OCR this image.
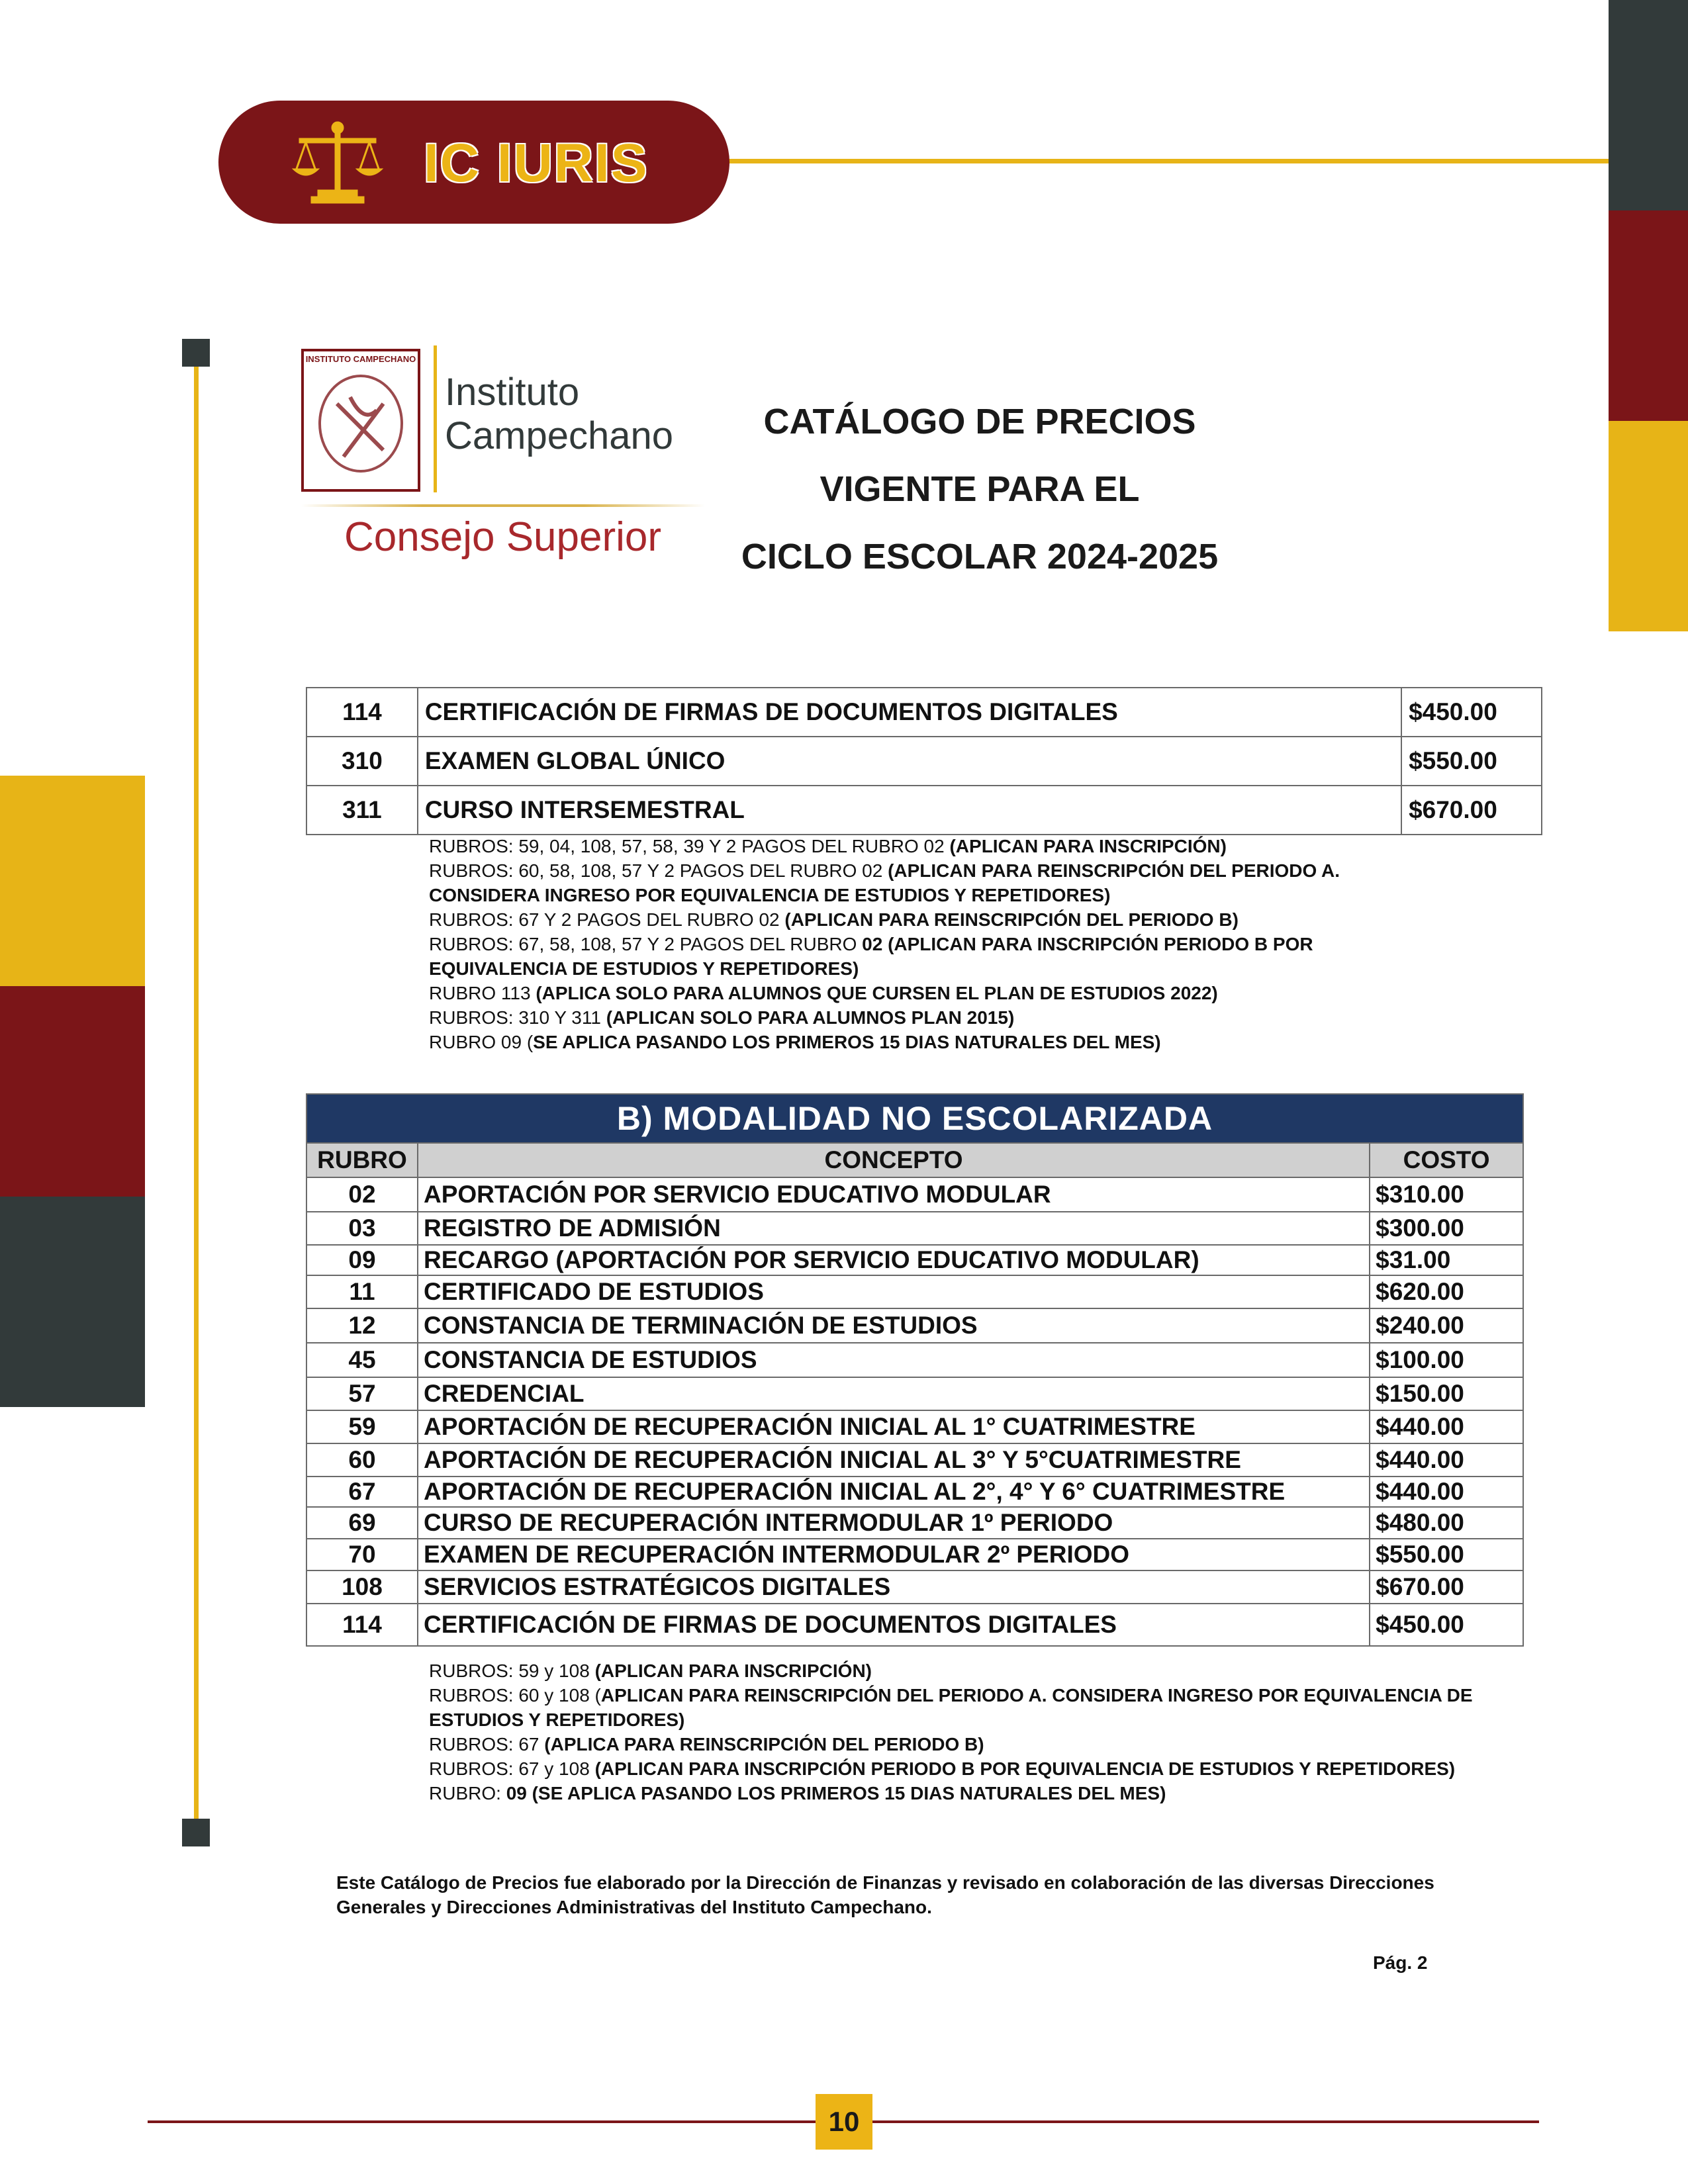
IC IURIS
INSTITUTO CAMPECHANO
Instituto
Campechano
Consejo Superior
CATÁLOGO DE PRECIOS
VIGENTE PARA EL
CICLO ESCOLAR 2024-2025
114	CERTIFICACIÓN DE FIRMAS DE DOCUMENTOS DIGITALES	$450.00
310	EXAMEN GLOBAL ÚNICO	$550.00
311	CURSO INTERSEMESTRAL	$670.00
RUBROS: 59, 04, 108, 57, 58, 39 Y 2 PAGOS DEL RUBRO 02 (APLICAN PARA INSCRIPCIÓN)
RUBROS: 60, 58, 108, 57 Y 2 PAGOS DEL RUBRO 02 (APLICAN PARA REINSCRIPCIÓN DEL PERIODO A. CONSIDERA INGRESO POR EQUIVALENCIA DE ESTUDIOS Y REPETIDORES)
RUBROS: 67 Y 2 PAGOS DEL RUBRO 02 (APLICAN PARA REINSCRIPCIÓN DEL PERIODO B)
RUBROS: 67, 58, 108, 57 Y 2 PAGOS DEL RUBRO 02 (APLICAN PARA INSCRIPCIÓN PERIODO B POR EQUIVALENCIA DE ESTUDIOS Y REPETIDORES)
RUBRO 113 (APLICA SOLO PARA ALUMNOS QUE CURSEN EL PLAN DE ESTUDIOS 2022)
RUBROS: 310 Y 311 (APLICAN SOLO PARA ALUMNOS PLAN 2015)
RUBRO 09 (SE APLICA PASANDO LOS PRIMEROS 15 DIAS NATURALES DEL MES)
B) MODALIDAD NO ESCOLARIZADA		
RUBRO	CONCEPTO	COSTO
02	APORTACIÓN POR SERVICIO EDUCATIVO MODULAR	$310.00
03	REGISTRO DE ADMISIÓN	$300.00
09	RECARGO (APORTACIÓN POR SERVICIO EDUCATIVO MODULAR)	$31.00
11	CERTIFICADO DE ESTUDIOS	$620.00
12	CONSTANCIA DE TERMINACIÓN DE ESTUDIOS	$240.00
45	CONSTANCIA DE ESTUDIOS	$100.00
57	CREDENCIAL	$150.00
59	APORTACIÓN DE RECUPERACIÓN INICIAL AL 1° CUATRIMESTRE	$440.00
60	APORTACIÓN DE RECUPERACIÓN INICIAL AL 3° Y 5°CUATRIMESTRE	$440.00
67	APORTACIÓN DE RECUPERACIÓN INICIAL AL 2°, 4° Y 6° CUATRIMESTRE	$440.00
69	CURSO DE RECUPERACIÓN INTERMODULAR 1º PERIODO	$480.00
70	EXAMEN DE RECUPERACIÓN INTERMODULAR 2º PERIODO	$550.00
108	SERVICIOS ESTRATÉGICOS DIGITALES	$670.00
114	CERTIFICACIÓN DE FIRMAS DE DOCUMENTOS DIGITALES	$450.00
RUBROS: 59 y 108 (APLICAN PARA INSCRIPCIÓN)
RUBROS: 60 y 108 (APLICAN PARA REINSCRIPCIÓN DEL PERIODO A. CONSIDERA INGRESO POR EQUIVALENCIA DE ESTUDIOS Y REPETIDORES)
RUBROS: 67 (APLICA PARA REINSCRIPCIÓN DEL PERIODO B)
RUBROS: 67 y 108 (APLICAN PARA INSCRIPCIÓN PERIODO B POR EQUIVALENCIA DE ESTUDIOS Y REPETIDORES)
RUBRO: 09 (SE APLICA PASANDO LOS PRIMEROS 15 DIAS NATURALES DEL MES)
Este Catálogo de Precios fue elaborado por la Dirección de Finanzas y revisado en colaboración de las diversas Direcciones Generales y Direcciones Administrativas del Instituto Campechano.
Pág. 2
10
